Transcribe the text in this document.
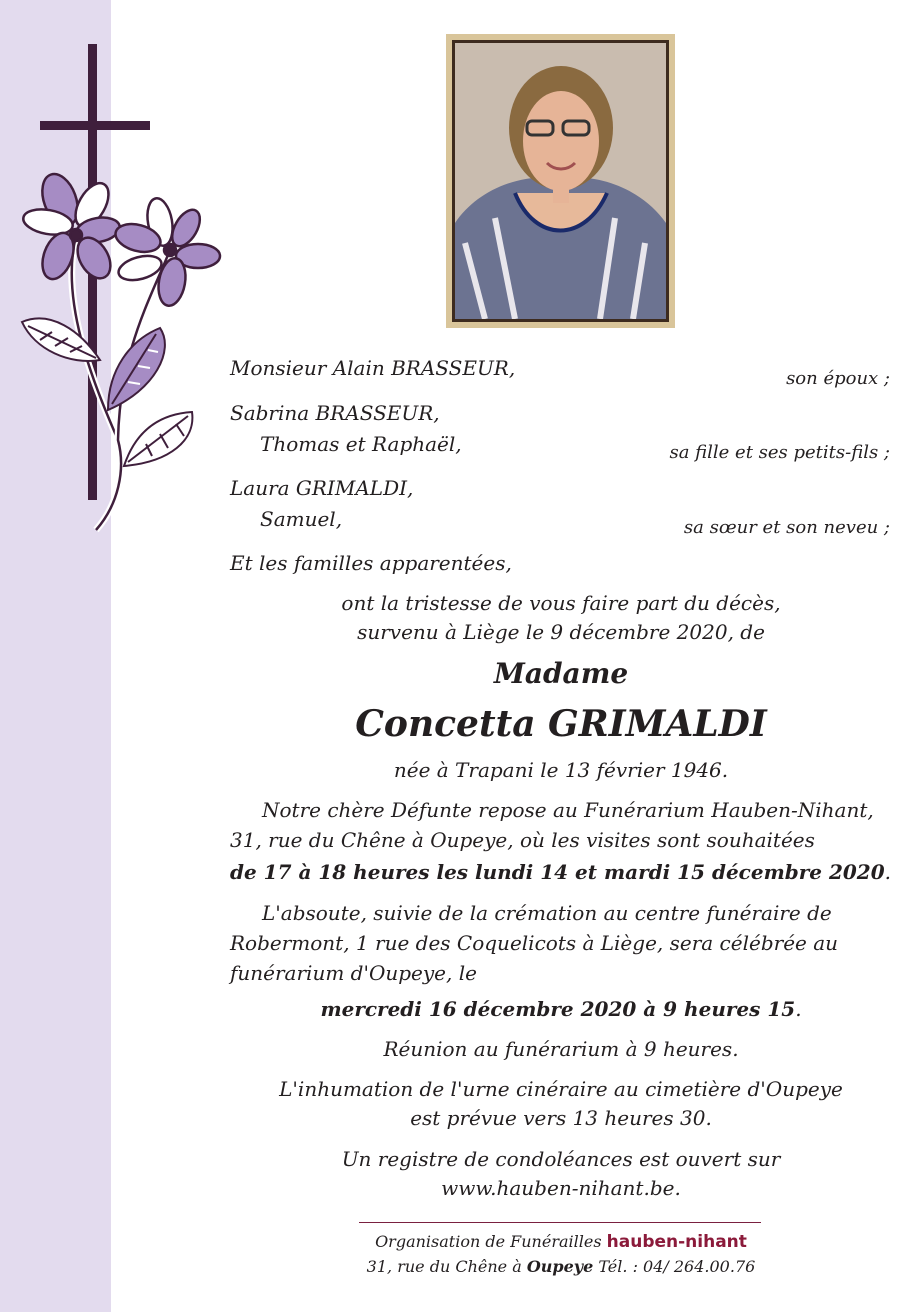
Monsieur Alain BRASSEUR,	son époux ;
Sabrina BRASSEUR,
Thomas et Raphaël,	sa fille et ses petits-fils ;
Laura GRIMALDI,
Samuel,	sa sœur et son neveu ;
Et les familles apparentées,
ont la tristesse de vous faire part du décès,
survenu à Liège le 9 décembre 2020, de
Madame
Concetta GRIMALDI
née à Trapani le 13 février 1946.
Notre chère Défunte repose au Funérarium Hauben-Nihant,
31, rue du Chêne à Oupeye, où les visites sont souhaitées
de 17 à 18 heures les lundi 14 et mardi 15 décembre 2020.
L'absoute, suivie de la crémation au centre funéraire de
Robermont, 1 rue des Coquelicots à Liège, sera célébrée au
funérarium d'Oupeye, le
mercredi 16 décembre 2020 à 9 heures 15.
Réunion au funérarium à 9 heures.
L'inhumation de l'urne cinéraire au cimetière d'Oupeye
est prévue vers 13 heures 30.
Un registre de condoléances est ouvert sur
www.hauben-nihant.be.
Organisation de Funérailles hauben-nihant
31, rue du Chêne à Oupeye Tél. : 04/ 264.00.76
